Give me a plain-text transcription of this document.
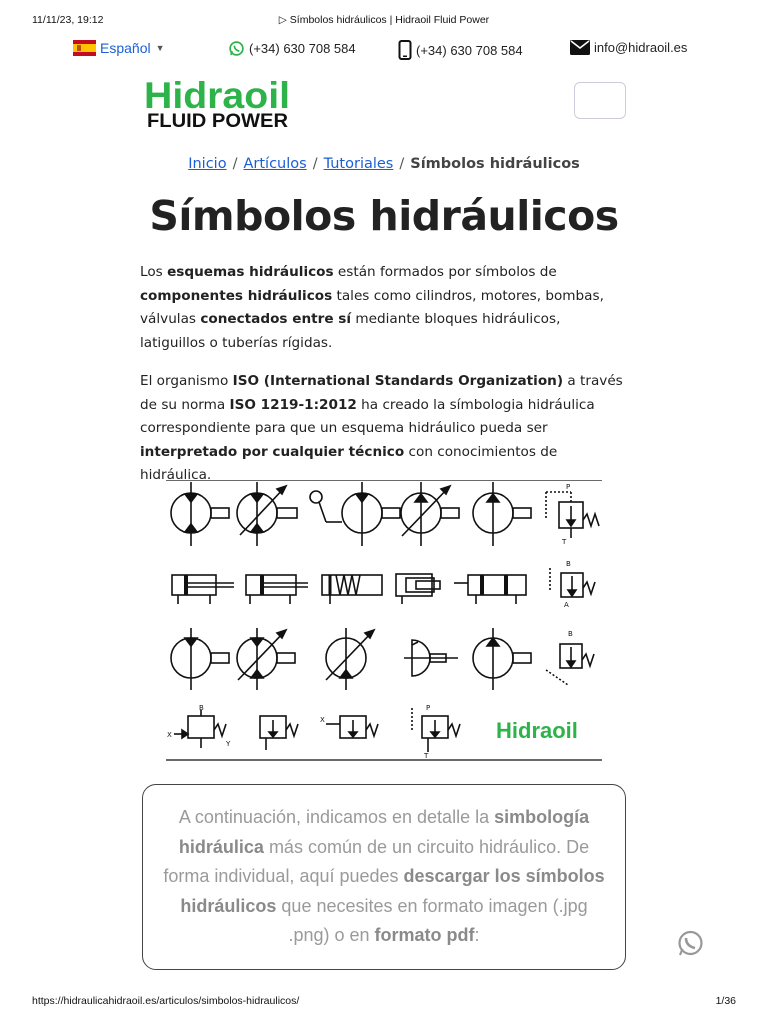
11/11/23, 19:12	▷ Símbolos hidráulicos | Hidraoil Fluid Power
Español ▼	(+34) 630 708 584	(+34) 630 708 584	info@hidraoil.es
Hidraoil
FLUID POWER
Inicio / Artículos / Tutoriales / Símbolos hidráulicos
Símbolos hidráulicos

Los esquemas hidráulicos están formados por símbolos de componentes hidráulicos tales como cilindros, motores, bombas, válvulas conectados entre sí mediante bloques hidráulicos, latiguillos o tuberías rígidas.

El organismo ISO (International Standards Organization) a través de su norma ISO 1219-1:2012 ha creado la símbologia hidráulica correspondiente para que un esquema hidráulico pueda ser interpretado por cualquier técnico con conocimientos de hidráulica.

P
T
B
A
B
X
B
Y
X
P
T
Hidraoil
A continuación, indicamos en detalle la simbología hidráulica más común de un circuito hidráulico. De forma individual, aquí puedes descargar los símbolos hidráulicos que necesites en formato imagen (.jpg .png) o en formato pdf:
https://hidraulicahidraoil.es/articulos/simbolos-hidraulicos/	1/36
